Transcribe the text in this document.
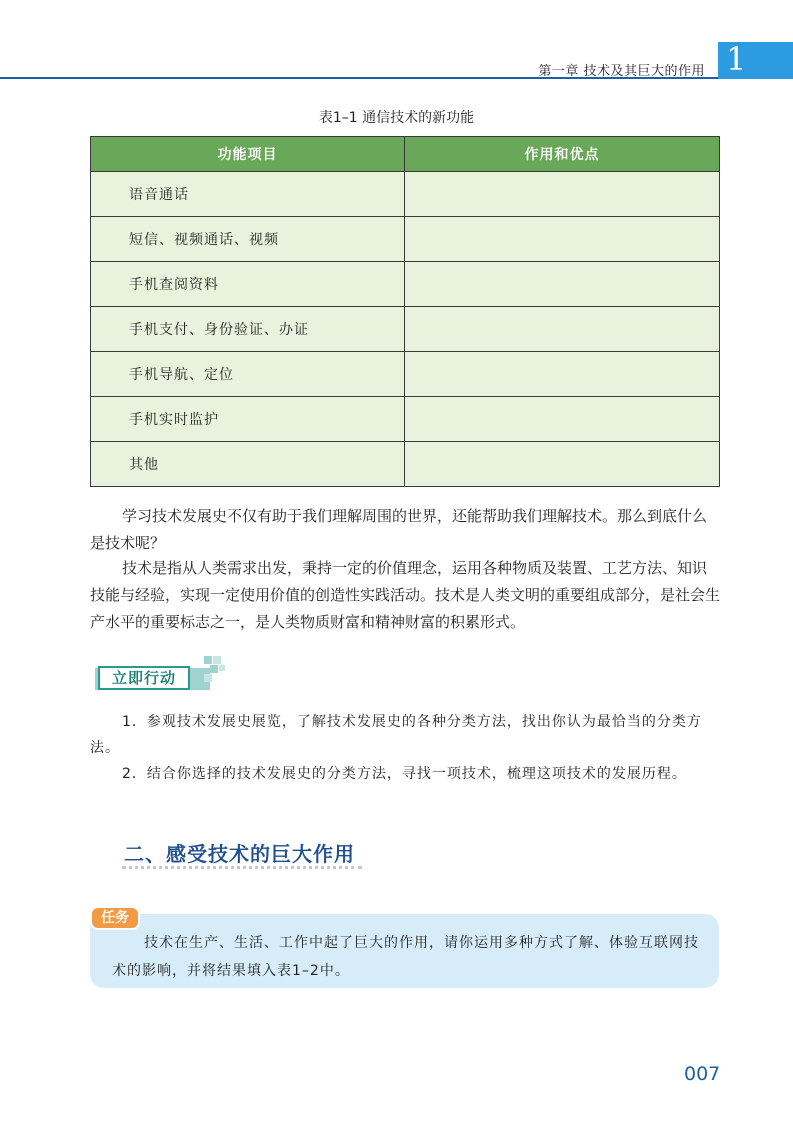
第一章 技术及其巨大的作用 1
表1–1 通信技术的新功能
功能项目	作用和优点
语音通话	
短信、视频通话、视频	
手机查阅资料	
手机支付、身份验证、办证	
手机导航、定位	
手机实时监护	
其他	

学习技术发展史不仅有助于我们理解周围的世界，还能帮助我们理解技术。那么到底什么是技术呢？

技术是指从人类需求出发，秉持一定的价值理念，运用各种物质及装置、工艺方法、知识技能与经验，实现一定使用价值的创造性实践活动。技术是人类文明的重要组成部分，是社会生产水平的重要标志之一，是人类物质财富和精神财富的积累形式。

立即行动

1．参观技术发展史展览，了解技术发展史的各种分类方法，找出你认为最恰当的分类方法。

2．结合你选择的技术发展史的分类方法，寻找一项技术，梳理这项技术的发展历程。

二、感受技术的巨大作用
任务

技术在生产、生活、工作中起了巨大的作用，请你运用多种方式了解、体验互联网技术的影响，并将结果填入表1–2中。

007
